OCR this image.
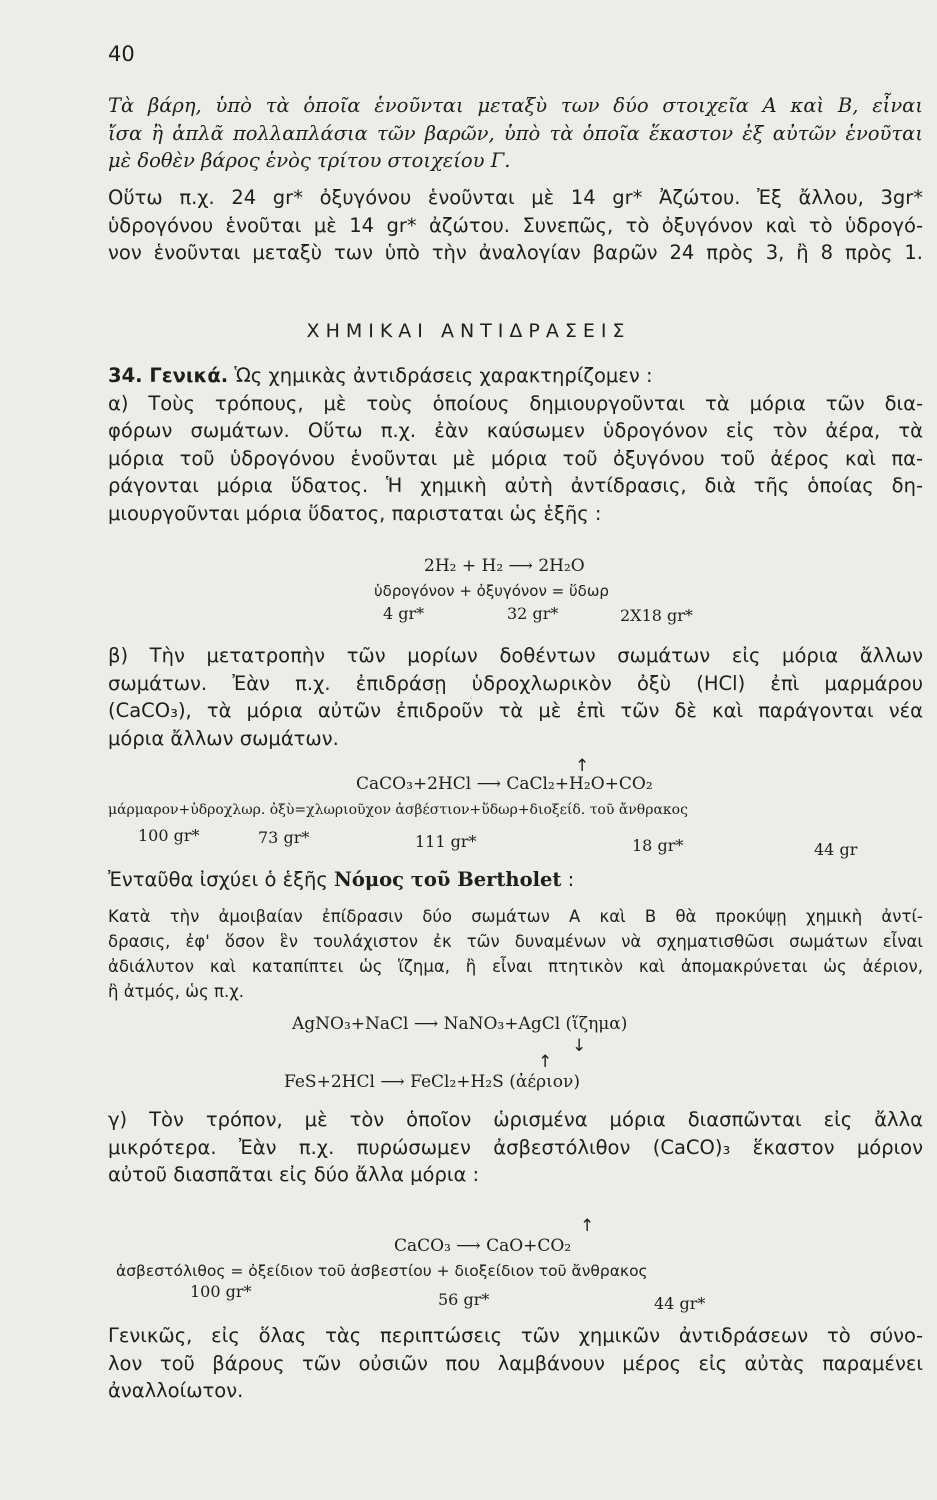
40
Τὰ βάρη, ὑπὸ τὰ ὁποῖα ἑνοῦνται μεταξὺ των δύο στοιχεῖα Α καὶ Β, εἶναι
ἴσα ἢ ἁπλᾶ πολλαπλάσια τῶν βαρῶν, ὑπὸ τὰ ὁποῖα ἕκαστον ἐξ αὐτῶν ἑνοῦται
μὲ δοθὲν βάρος ἑνὸς τρίτου στοιχείου Γ.
Οὕτω π.χ. 24 gr* ὀξυγόνου ἑνοῦνται μὲ 14 gr* Ἀζώτου. Ἐξ ἄλλου, 3gr*
ὑδρογόνου ἑνοῦται μὲ 14 gr* ἀζώτου. Συνεπῶς, τὸ ὀξυγόνον καὶ τὸ ὑδρογό-
νον ἑνοῦνται μεταξὺ των ὑπὸ τὴν ἀναλογίαν βαρῶν 24 πρὸς 3, ἢ 8 πρὸς 1.
ΧΗΜΙΚΑΙ ΑΝΤΙΔΡΑΣΕΙΣ
34. Γενικά. Ὡς χημικὰς ἀντιδράσεις χαρακτηρίζομεν :
α) Τοὺς τρόπους, μὲ τοὺς ὁποίους δημιουργοῦνται τὰ μόρια τῶν δια-
φόρων σωμάτων. Οὕτω π.χ. ἐὰν καύσωμεν ὑδρογόνον εἰς τὸν ἀέρα, τὰ
μόρια τοῦ ὑδρογόνου ἑνοῦνται μὲ μόρια τοῦ ὀξυγόνου τοῦ ἀέρος καὶ πα-
ράγονται μόρια ὕδατος. Ἡ χημικὴ αὐτὴ ἀντίδρασις, διὰ τῆς ὁποίας δη-
μιουργοῦνται μόρια ὕδατος, παρισταται ὡς ἑξῆς :
2H₂ + H₂ ⟶ 2H₂O
ὑδρογόνον + ὀξυγόνον = ὕδωρ
4 gr*	32 gr*	2X18 gr*
β) Τὴν μετατροπὴν τῶν μορίων δοθέντων σωμάτων εἰς μόρια ἄλλων
σωμάτων. Ἐὰν π.χ. ἐπιδράσῃ ὑδροχλωρικὸν ὀξὺ (HCl) ἐπὶ μαρμάρου
(CaCO₃), τὰ μόρια αὐτῶν ἐπιδροῦν τὰ μὲ ἐπὶ τῶν δὲ καὶ παράγονται νέα
μόρια ἄλλων σωμάτων.
↑
CaCO₃+2HCl ⟶ CaCl₂+H₂O+CO₂
μάρμαρον+ὑδροχλωρ. ὀξὺ=χλωριοῦχον ἀσβέστιον+ὕδωρ+διοξείδ. τοῦ ἄνθρακος
100 gr*	73 gr*	111 gr*	18 gr*	44 gr
Ἐνταῦθα ἰσχύει ὁ ἑξῆς Νόμος τοῦ Bertholet :
Κατὰ τὴν ἀμοιβαίαν ἐπίδρασιν δύο σωμάτων Α καὶ Β θὰ προκύψῃ χημικὴ ἀντί-
δρασις, ἐφ' ὅσον ἓν τουλάχιστον ἐκ τῶν δυναμένων νὰ σχηματισθῶσι σωμάτων εἶναι
ἀδιάλυτον καὶ καταπίπτει ὡς ἵζημα, ἢ εἶναι πτητικὸν καὶ ἀπομακρύνεται ὡς ἀέριον,
ἢ ἀτμός, ὡς π.χ.
AgNO₃+NaCl ⟶ NaNO₃+AgCl (ἵζημα)
↓
↑
FeS+2HCl ⟶ FeCl₂+H₂S (ἀέριον)
γ) Τὸν τρόπον, μὲ τὸν ὁποῖον ὡρισμένα μόρια διασπῶνται εἰς ἄλλα
μικρότερα. Ἐὰν π.χ. πυρώσωμεν ἀσβεστόλιθον (CaCO)₃ ἕκαστον μόριον
αὐτοῦ διασπᾶται εἰς δύο ἄλλα μόρια :
↑
CaCO₃ ⟶ CaO+CO₂
ἀσβεστόλιθος = ὀξείδιον τοῦ ἀσβεστίου + διοξείδιον τοῦ ἄνθρακος
100 gr*	56 gr*	44 gr*
Γενικῶς, εἰς ὅλας τὰς περιπτώσεις τῶν χημικῶν ἀντιδράσεων τὸ σύνο-
λον τοῦ βάρους τῶν οὐσιῶν που λαμβάνουν μέρος εἰς αὐτὰς παραμένει
ἀναλλοίωτον.
